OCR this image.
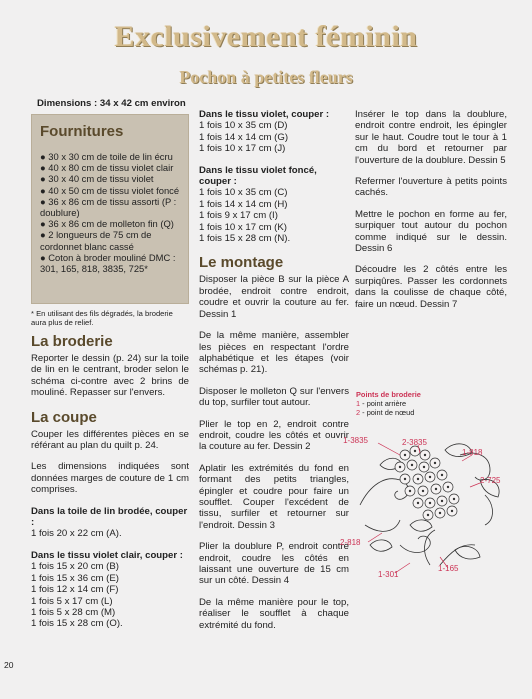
Exclusivement féminin
Pochon à petites fleurs

Dimensions : 34 x 42 cm environ

Fournitures
● 30 x 30 cm de toile de lin écru
● 40 x 80 cm de tissu violet clair
● 30 x 40 cm de tissu violet
● 40 x 50 cm de tissu violet foncé
● 36 x 86 cm de tissu assorti (P : doublure)
● 36 x 86 cm de molleton fin (Q)
● 2 longueurs de 75 cm de cordonnet blanc cassé
● Coton à broder mouliné DMC : 301, 165, 818, 3835, 725*

* En utilisant des fils dégradés, la broderie aura plus de relief.

La broderie

Reporter le dessin (p. 24) sur la toile de lin en le centrant, broder selon le schéma ci-contre avec 2 brins de mouliné. Repasser sur l'envers.

La coupe

Couper les différentes pièces en se référant au plan du quilt p. 24.

Les dimensions indiquées sont données marges de couture de 1 cm comprises.

Dans la toile de lin brodée, couper :

1 fois 20 x 22 cm (A).

Dans le tissu violet clair, couper :

1 fois 15 x 20 cm (B)

1 fois 15 x 36 cm (E)

1 fois 12 x 14 cm (F)

1 fois 5 x 17 cm (L)

1 fois 5 x 28 cm (M)

1 fois 15 x 28 cm (O).

Dans le tissu violet, couper :

1 fois 10 x 35 cm (D)

1 fois 14 x 14 cm (G)

1 fois 10 x 17 cm (J)

Dans le tissu violet foncé, couper :

1 fois 10 x 35 cm (C)

1 fois 14 x 14 cm (H)

1 fois 9 x 17 cm (I)

1 fois 10 x 17 cm (K)

1 fois 15 x 28 cm (N).

Le montage

Disposer la pièce B sur la pièce A brodée, endroit contre endroit, coudre et ouvrir la couture au fer. Dessin 1

De la même manière, assembler les pièces en respectant l'ordre alphabétique et les étapes (voir schémas p. 21).

Disposer le molleton Q sur l'envers du top, surfiler tout autour.

Plier le top en 2, endroit contre endroit, coudre les côtés et ouvrir la couture au fer. Dessin 2

Aplatir les extrémités du fond en formant des petits triangles, épingler et coudre pour faire un soufflet. Couper l'excédent de tissu, surfiler et retourner sur l'endroit. Dessin 3

Plier la doublure P, endroit contre endroit, coudre les côtés en laissant une ouverture de 15 cm sur un côté. Dessin 4

De la même manière pour le top, réaliser le soufflet à chaque extrémité du fond.

Insérer le top dans la doublure, endroit contre endroit, les épingler sur le haut. Coudre tout le tour à 1 cm du bord et retourner par l'ouverture de la doublure. Dessin 5

Refermer l'ouverture à petits points cachés.

Mettre le pochon en forme au fer, surpiquer tout autour du pochon comme indiqué sur le dessin. Dessin 6

Découdre les 2 côtés entre les surpiqûres. Passer les cordonnets dans la coulisse de chaque côté, faire un nœud. Dessin 7

Points de broderie
1 - point arrière
2 - point de nœud
1-3835	2-3835
1-818
2-725
2-818
1-301
1-165
20
